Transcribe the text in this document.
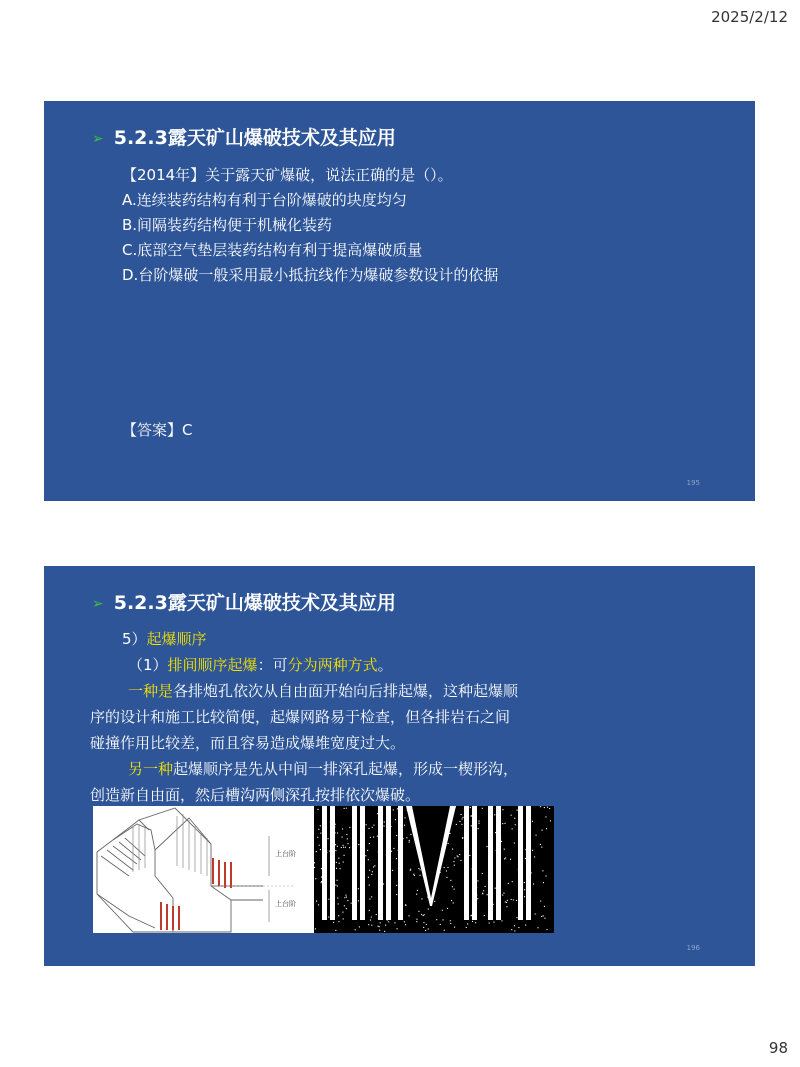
2025/2/12
➢ 5.2.3露天矿山爆破技术及其应用
【2014年】关于露天矿爆破，说法正确的是（）。
A.连续装药结构有利于台阶爆破的块度均匀
B.间隔装药结构便于机械化装药
C.底部空气垫层装药结构有利于提高爆破质量
D.台阶爆破一般采用最小抵抗线作为爆破参数设计的依据
【答案】C
195
➢ 5.2.3露天矿山爆破技术及其应用
5）起爆顺序
（1）排间顺序起爆：可分为两种方式。
一种是各排炮孔依次从自由面开始向后排起爆，这种起爆顺
序的设计和施工比较简便，起爆网路易于检查，但各排岩石之间
碰撞作用比较差，而且容易造成爆堆宽度过大。
另一种起爆顺序是先从中间一排深孔起爆，形成一楔形沟，
创造新自由面，然后槽沟两侧深孔按排依次爆破。
上台阶
上台阶
196
98
